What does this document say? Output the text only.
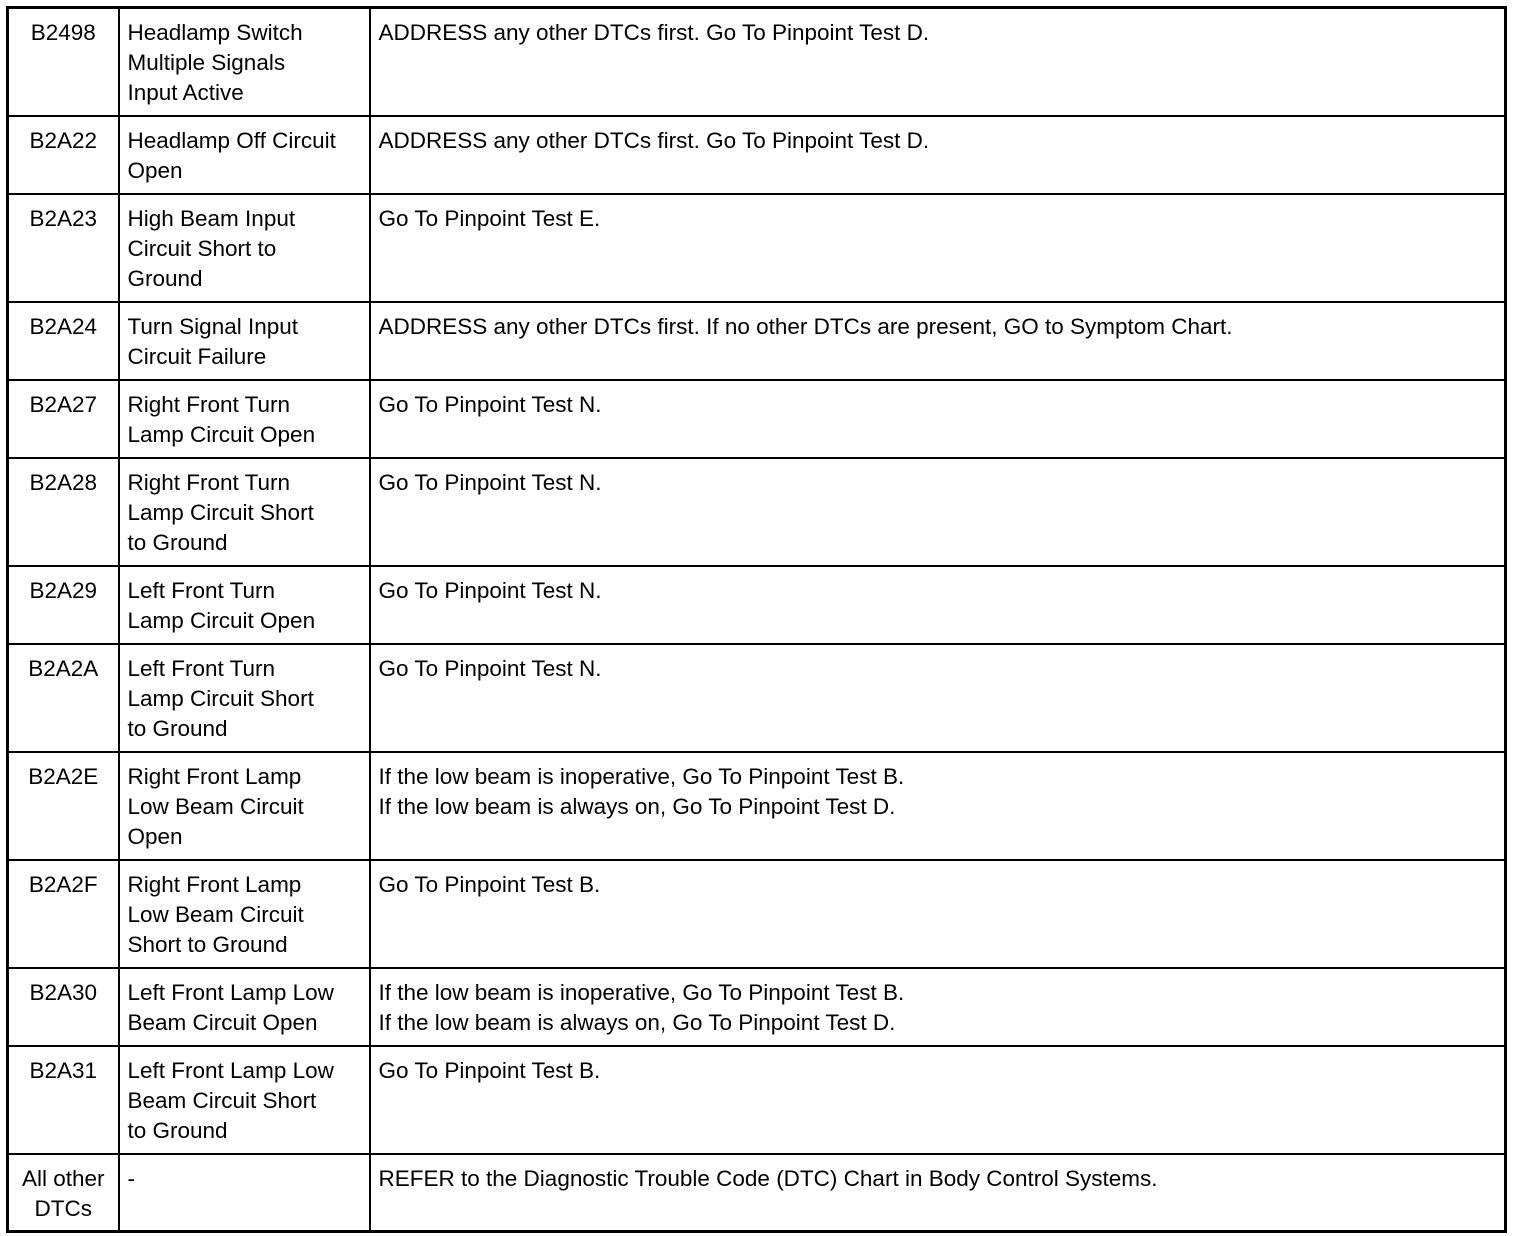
B2498	Headlamp Switch
Multiple Signals
Input Active	ADDRESS any other DTCs first. Go To Pinpoint Test D.
B2A22	Headlamp Off Circuit
Open	ADDRESS any other DTCs first. Go To Pinpoint Test D.
B2A23	High Beam Input
Circuit Short to
Ground	Go To Pinpoint Test E.
B2A24	Turn Signal Input
Circuit Failure	ADDRESS any other DTCs first. If no other DTCs are present, GO to Symptom Chart.
B2A27	Right Front Turn
Lamp Circuit Open	Go To Pinpoint Test N.
B2A28	Right Front Turn
Lamp Circuit Short
to Ground	Go To Pinpoint Test N.
B2A29	Left Front Turn
Lamp Circuit Open	Go To Pinpoint Test N.
B2A2A	Left Front Turn
Lamp Circuit Short
to Ground	Go To Pinpoint Test N.
B2A2E	Right Front Lamp
Low Beam Circuit
Open	If the low beam is inoperative, Go To Pinpoint Test B.
If the low beam is always on, Go To Pinpoint Test D.
B2A2F	Right Front Lamp
Low Beam Circuit
Short to Ground	Go To Pinpoint Test B.
B2A30	Left Front Lamp Low
Beam Circuit Open	If the low beam is inoperative, Go To Pinpoint Test B.
If the low beam is always on, Go To Pinpoint Test D.
B2A31	Left Front Lamp Low
Beam Circuit Short
to Ground	Go To Pinpoint Test B.
All other
DTCs	-	REFER to the Diagnostic Trouble Code (DTC) Chart in Body Control Systems.
